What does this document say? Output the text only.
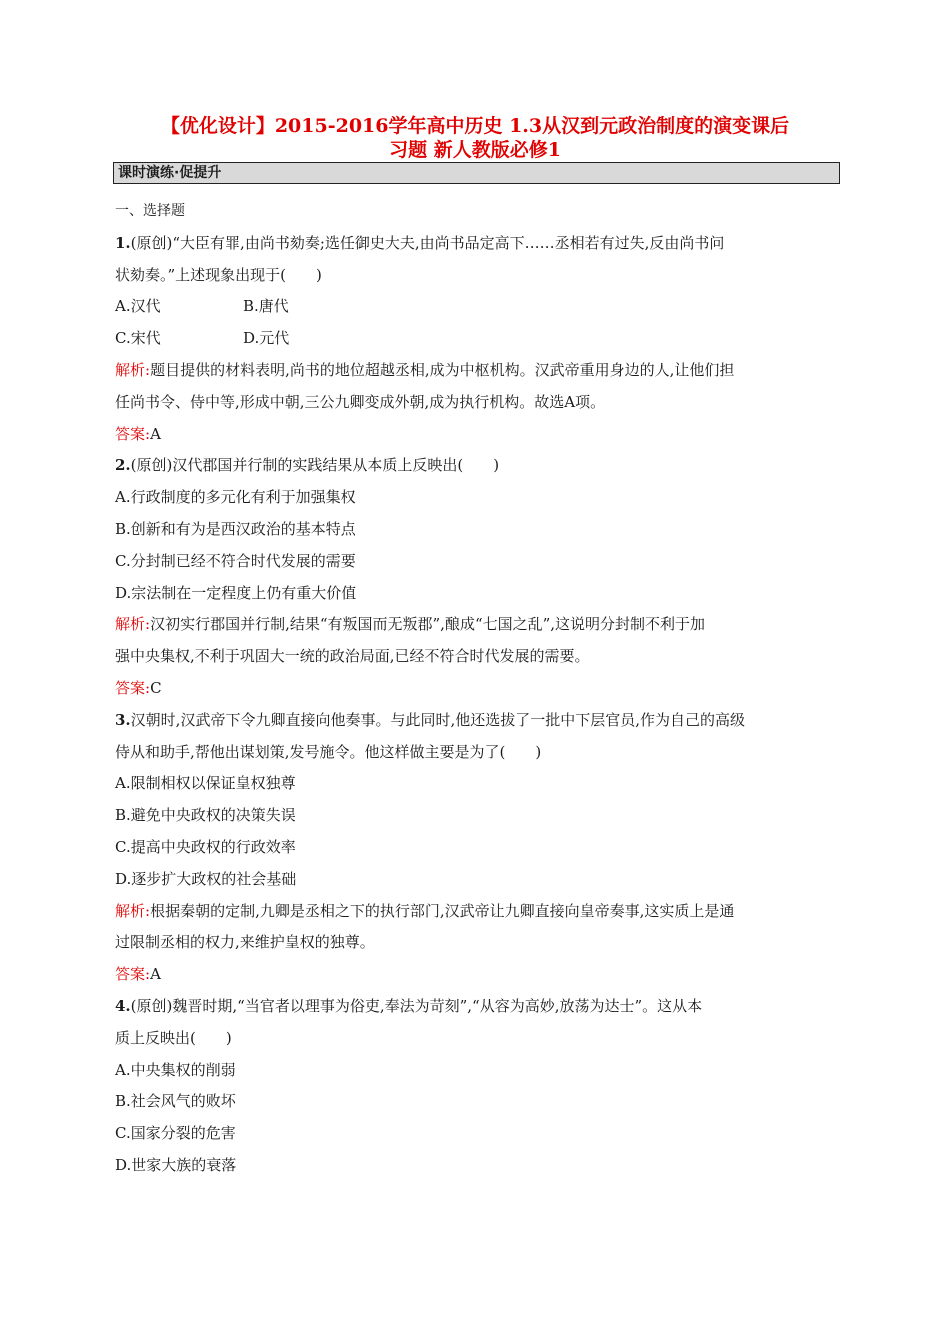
【优化设计】2015-2016学年高中历史 1.3从汉到元政治制度的演变课后
习题 新人教版必修1
课时演练·促提升
一、选择题
1.(原创)“大臣有罪,由尚书劾奏;选任御史大夫,由尚书品定高下……丞相若有过失,反由尚书问
状劾奏。”上述现象出现于(　　)
A.汉代	B.唐代
C.宋代	D.元代
解析:题目提供的材料表明,尚书的地位超越丞相,成为中枢机构。汉武帝重用身边的人,让他们担
任尚书令、侍中等,形成中朝,三公九卿变成外朝,成为执行机构。故选A项。
答案:A
2.(原创)汉代郡国并行制的实践结果从本质上反映出(　　)
A.行政制度的多元化有利于加强集权
B.创新和有为是西汉政治的基本特点
C.分封制已经不符合时代发展的需要
D.宗法制在一定程度上仍有重大价值
解析:汉初实行郡国并行制,结果“有叛国而无叛郡”,酿成“七国之乱”,这说明分封制不利于加
强中央集权,不利于巩固大一统的政治局面,已经不符合时代发展的需要。
答案:C
3.汉朝时,汉武帝下令九卿直接向他奏事。与此同时,他还选拔了一批中下层官员,作为自己的高级
侍从和助手,帮他出谋划策,发号施令。他这样做主要是为了(　　)
A.限制相权以保证皇权独尊
B.避免中央政权的决策失误
C.提高中央政权的行政效率
D.逐步扩大政权的社会基础
解析:根据秦朝的定制,九卿是丞相之下的执行部门,汉武帝让九卿直接向皇帝奏事,这实质上是通
过限制丞相的权力,来维护皇权的独尊。
答案:A
4.(原创)魏晋时期,“当官者以理事为俗吏,奉法为苛刻”,“从容为高妙,放荡为达士”。这从本
质上反映出(　　)
A.中央集权的削弱
B.社会风气的败坏
C.国家分裂的危害
D.世家大族的衰落
